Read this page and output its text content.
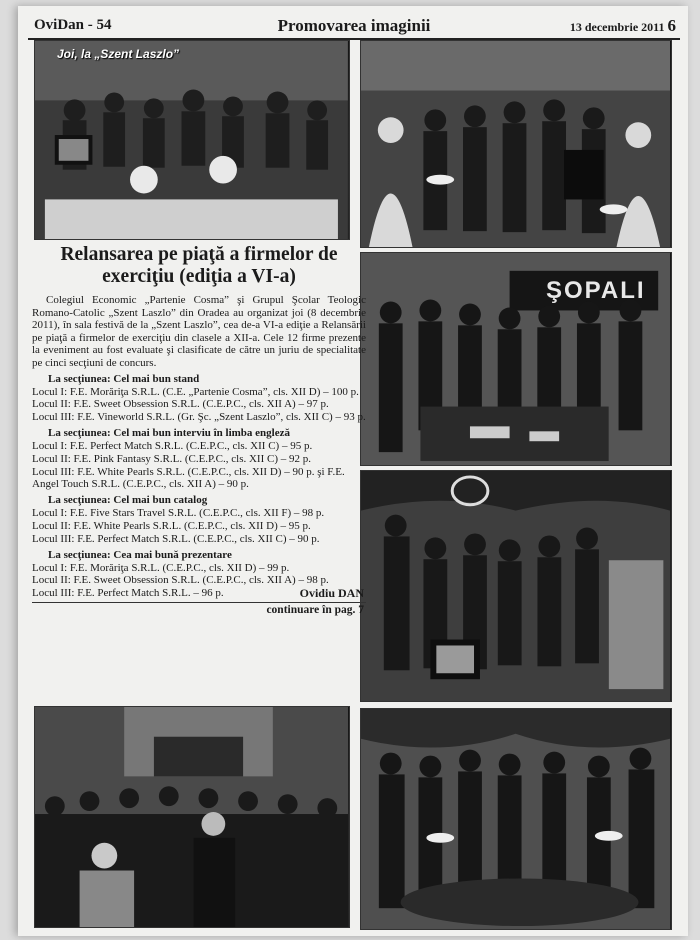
OviDan - 54	Promovarea imaginii	13 decembrie 2011 6
Joi, la „Szent Laszlo”
ŞOPALI
Relansarea pe piaţă a firmelor de exerciţiu (ediţia a VI-a)

Colegiul Economic „Partenie Cosma” şi Grupul Şcolar Teologic Romano-Catolic „Szent Laszlo” din Oradea au organizat joi (8 decembrie 2011), în sala festivă de la „Szent Laszlo”, cea de-a VI-a ediţie a Relansării pe piaţă a firmelor de exerciţiu din clasele a XII-a. Cele 12 firme prezente la eveniment au fost evaluate şi clasificate de către un juriu de specialitate pe cinci secţiuni de concurs.

La secţiunea: Cel mai bun stand
Locul I: F.E. Morăriţa S.R.L. (C.E. „Partenie Cosma”, cls. XII D) – 100 p.
Locul II: F.E. Sweet Obsession S.R.L. (C.E.P.C., cls. XII A) – 97 p.
Locul III: F.E. Vineworld S.R.L. (Gr. Şc. „Szent Laszlo”, cls. XII C) – 93 p.
La secţiunea: Cel mai bun interviu în limba engleză
Locul I: F.E. Perfect Match S.R.L. (C.E.P.C., cls. XII C) – 95 p.
Locul II: F.E. Pink Fantasy S.R.L. (C.E.P.C., cls. XII C) – 92 p.
Locul III: F.E. White Pearls S.R.L. (C.E.P.C., cls. XII D) – 90 p. şi F.E. Angel Touch S.R.L. (C.E.P.C., cls. XII A) – 90 p.
La secţiunea: Cel mai bun catalog
Locul I: F.E. Five Stars Travel S.R.L. (C.E.P.C., cls. XII F) – 98 p.
Locul II: F.E. White Pearls S.R.L. (C.E.P.C., cls. XII D) – 95 p.
Locul III: F.E. Perfect Match S.R.L. (C.E.P.C., cls. XII C) – 90 p.
La secţiunea: Cea mai bună prezentare
Locul I: F.E. Morăriţa S.R.L. (C.E.P.C., cls. XII D) – 99 p.
Locul II: F.E. Sweet Obsession S.R.L. (C.E.P.C., cls. XII A) – 98 p.
Locul III: F.E. Perfect Match S.R.L. – 96 p.	Ovidiu DAN
continuare în pag. 7
